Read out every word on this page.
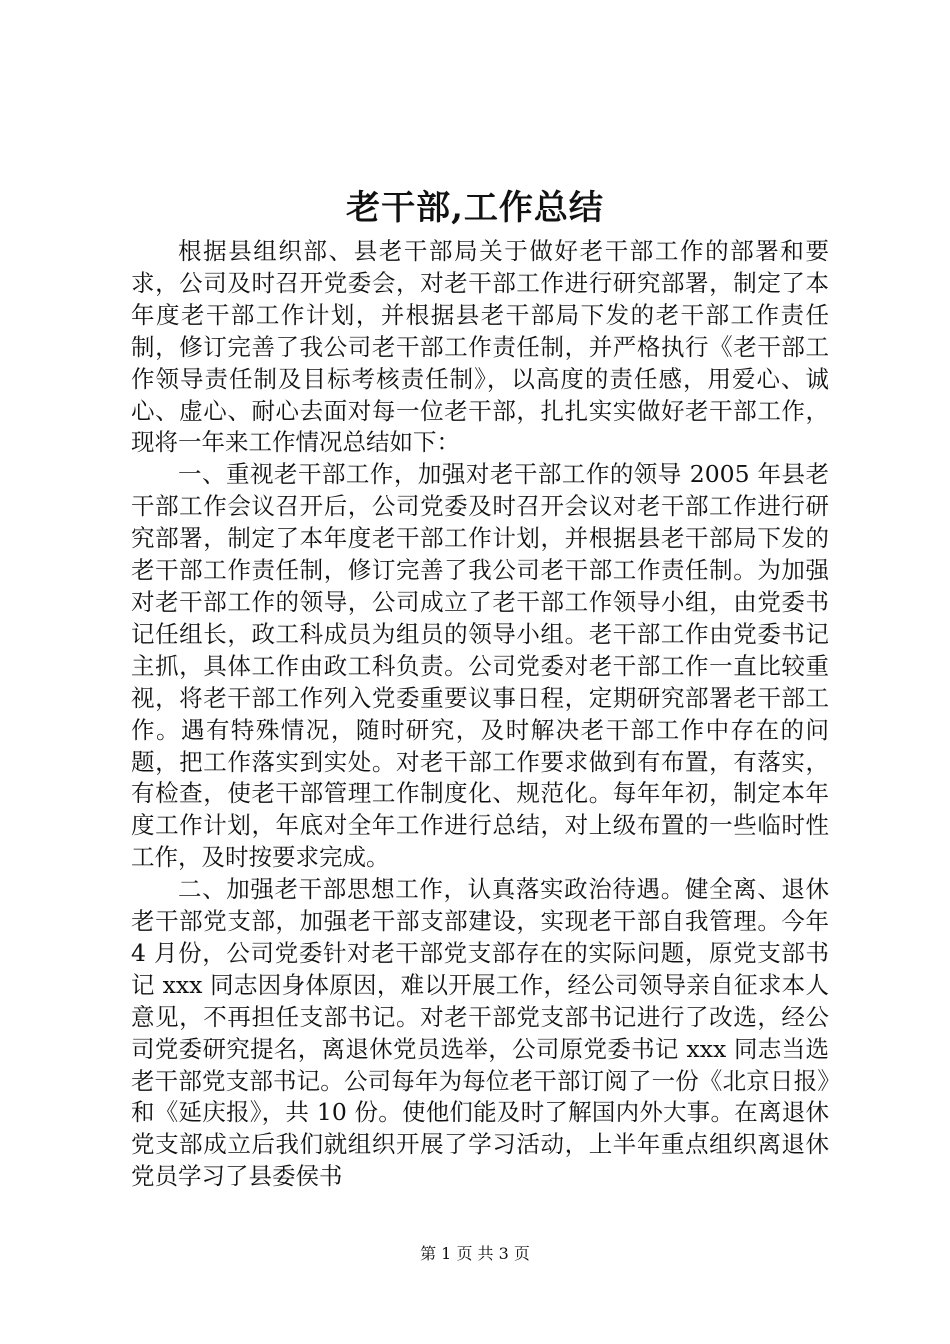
老干部,工作总结

根据县组织部、县老干部局关于做好老干部工作的部署和要求，公司及时召开党委会，对老干部工作进行研究部署，制定了本年度老干部工作计划，并根据县老干部局下发的老干部工作责任制，修订完善了我公司老干部工作责任制，并严格执行《老干部工作领导责任制及目标考核责任制》，以高度的责任感，用爱心、诚心、虚心、耐心去面对每一位老干部，扎扎实实做好老干部工作，现将一年来工作情况总结如下：

一、重视老干部工作，加强对老干部工作的领导 2005 年县老干部工作会议召开后，公司党委及时召开会议对老干部工作进行研究部署，制定了本年度老干部工作计划，并根据县老干部局下发的老干部工作责任制，修订完善了我公司老干部工作责任制。为加强对老干部工作的领导，公司成立了老干部工作领导小组，由党委书记任组长，政工科成员为组员的领导小组。老干部工作由党委书记主抓，具体工作由政工科负责。公司党委对老干部工作一直比较重视，将老干部工作列入党委重要议事日程，定期研究部署老干部工作。遇有特殊情况，随时研究，及时解决老干部工作中存在的问题，把工作落实到实处。对老干部工作要求做到有布置，有落实，有检查，使老干部管理工作制度化、规范化。每年年初，制定本年度工作计划，年底对全年工作进行总结，对上级布置的一些临时性工作，及时按要求完成。

二、加强老干部思想工作，认真落实政治待遇。健全离、退休老干部党支部，加强老干部支部建设，实现老干部自我管理。今年 4 月份，公司党委针对老干部党支部存在的实际问题，原党支部书记 xxx 同志因身体原因，难以开展工作，经公司领导亲自征求本人意见，不再担任支部书记。对老干部党支部书记进行了改选，经公司党委研究提名，离退休党员选举，公司原党委书记 xxx 同志当选老干部党支部书记。公司每年为每位老干部订阅了一份《北京日报》和《延庆报》，共 10 份。使他们能及时了解国内外大事。在离退休党支部成立后我们就组织开展了学习活动，上半年重点组织离退休党员学习了县委侯书

第 1 页 共 3 页
